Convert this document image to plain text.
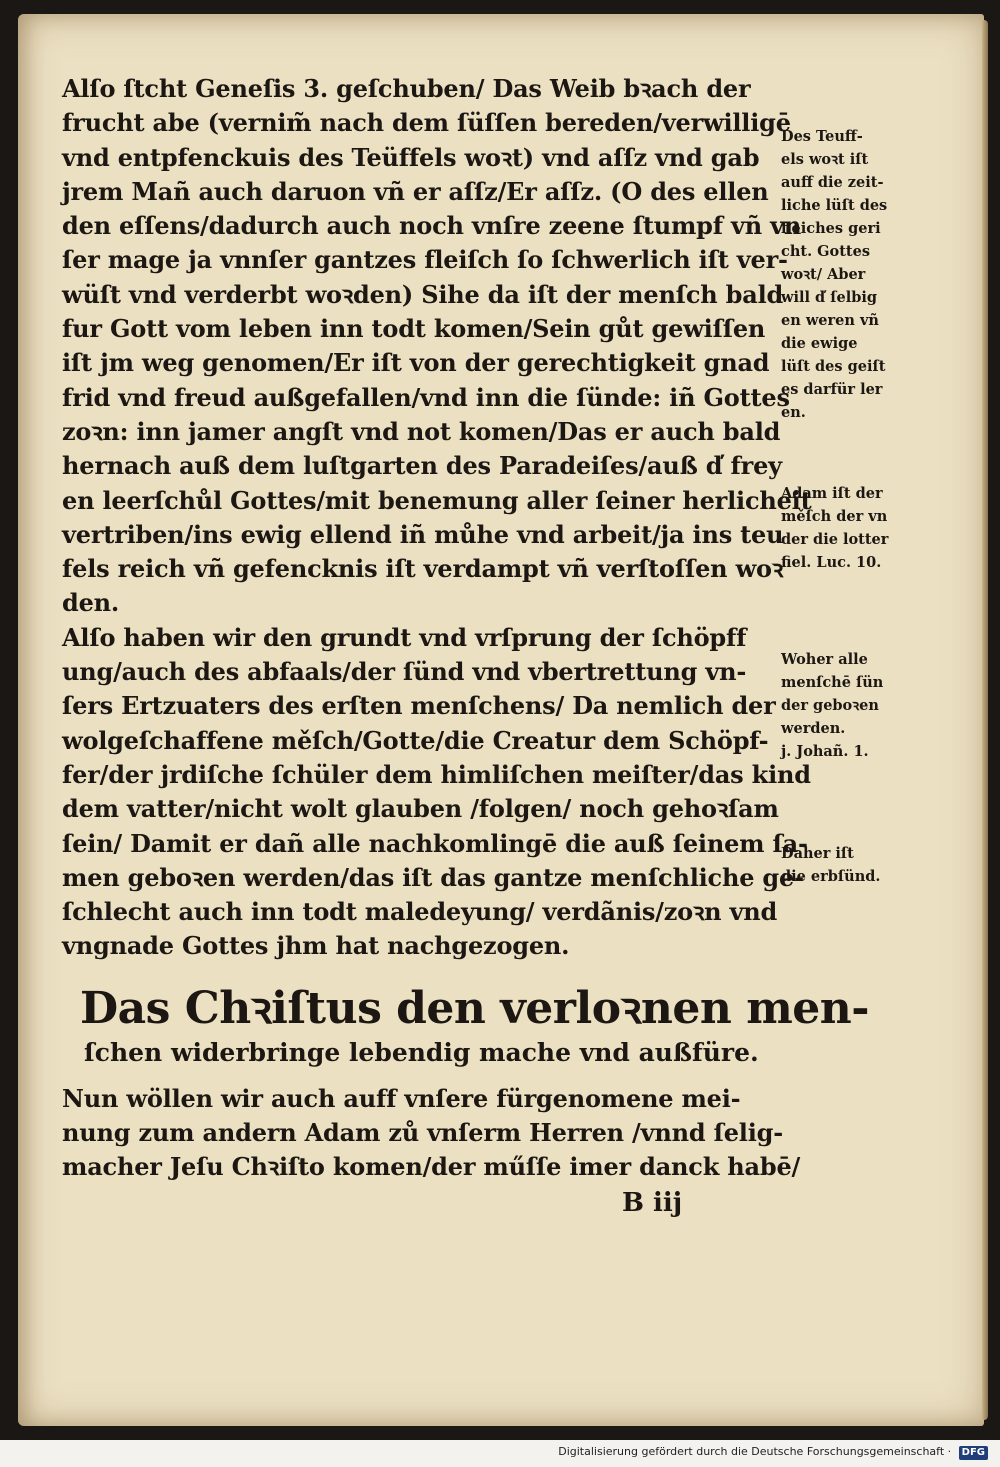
Alſo ſtcht Geneſis 3. geſchuben/ Das Weib bꝛach der
frucht abe (vernim̃ nach dem ſüſſen bereden/verwilligē
vnd entpfenckuis des Teüffels woꝛt) vnd aſſz vnd gab
jrem Mañ auch daruon vñ er aſſz/Er aſſz. (O des ellen
den eſſens/dadurch auch noch vnſre zeene ſtumpf vñ vn
ſer mage ja vnnſer gantzes fleiſch ſo ſchwerlich iſt ver-
wüſt vnd verderbt woꝛden) Sihe da iſt der menſch bald
fur Gott vom leben inn todt komen/Sein gůt gewiſſen
iſt jm weg genomen/Er iſt von der gerechtigkeit gnad
frid vnd freud außgefallen/vnd inn die ſünde: iñ Gottes
zoꝛn: inn jamer angſt vnd not komen/Das er auch bald
hernach auß dem luſtgarten des Paradeiſes/auß d̕ frey
en leerſchůl Gottes/mit benemung aller ſeiner herlicheit
vertriben/ins ewig ellend iñ můhe vnd arbeit/ja ins teu
fels reich vñ gefencknis iſt verdampt vñ verſtoſſen woꝛ
den.
Alſo haben wir den grundt vnd vrſprung der ſchöpff
ung/auch des abfaals/der ſünd vnd vbertrettung vn-
ſers Ertzuaters des erſten menſchens/ Da nemlich der
wolgeſchaffene měſch/Gotte/die Creatur dem Schöpf-
fer/der jrdiſche ſchüler dem himliſchen meiſter/das kind
dem vatter/nicht wolt glauben /folgen/ noch gehoꝛſam
ſein/ Damit er dañ alle nachkomlingē die auß ſeinem ſa-
men geboꝛen werden/das iſt das gantze menſchliche ge-
ſchlecht auch inn todt maledeyung/ verdãnis/zoꝛn vnd
vngnade Gottes jhm hat nachgezogen.
Des Teuff-
els woꝛt iſt
auff die zeit-
liche lüſt des
fleiches geri
cht. Gottes
woꝛt/ Aber
will d̕ ſelbig
en weren vñ
die ewige
lüſt des geiſt
es darfür ler
en.
Adam iſt der
měſch der vn
der die lotter
fiel. Luc. 10.
Woher alle
menſchē ſün
der geboꝛen
werden.
j. Johañ. 1.
Daher iſt
die erbſünd.
Das Chꝛiſtus den verloꝛnen men-
ſchen widerbringe lebendig mache vnd außfüre.
Nun wöllen wir auch auff vnſere fürgenomene mei-
nung zum andern Adam zů vnſerm Herren /vnnd ſelig-
macher Jeſu Chꝛiſto komen/der műſſe imer danck habē/
B iij
Digitalisierung gefördert durch die Deutsche Forschungsgemeinschaft · DFG
